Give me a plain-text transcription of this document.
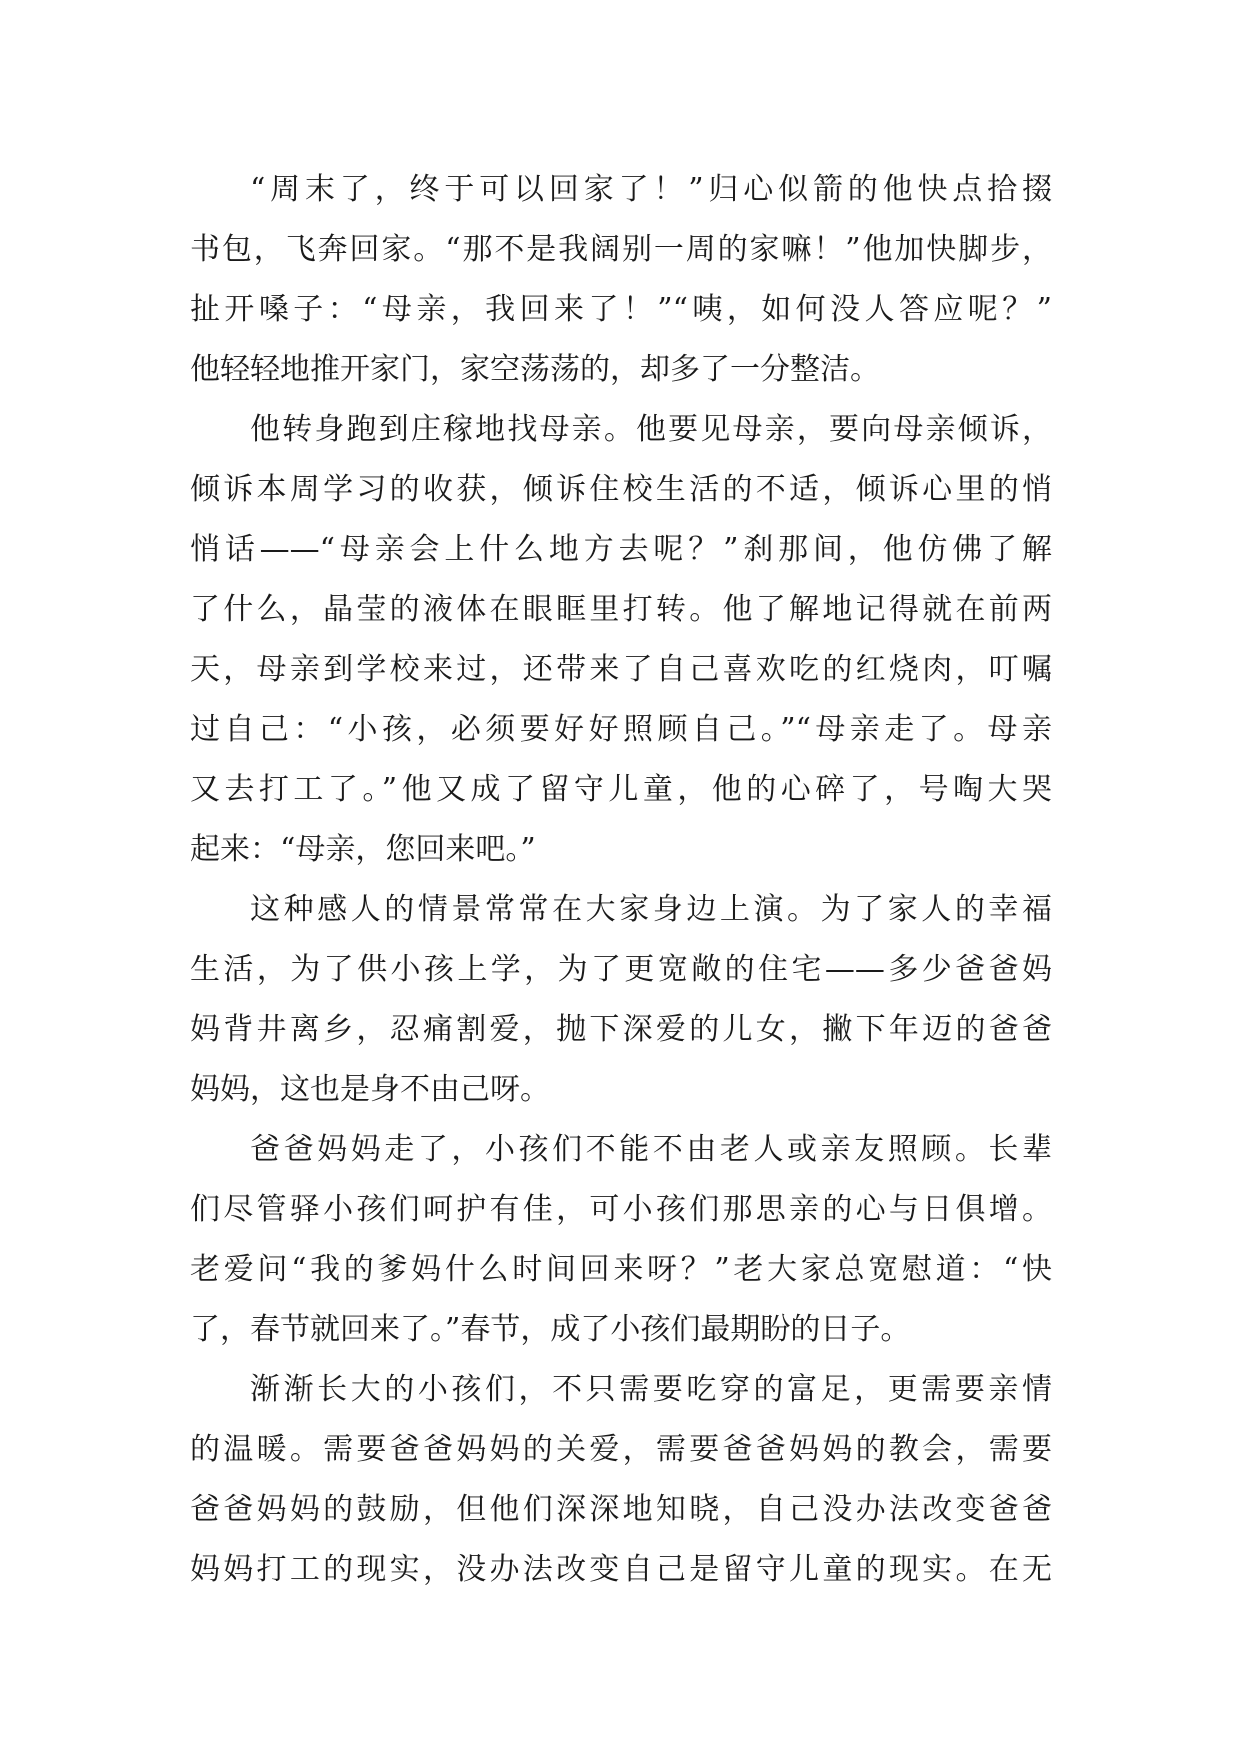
“周末了，终于可以回家了！”归心似箭的他快点拾掇
书包，飞奔回家。“那不是我阔别一周的家嘛！”他加快脚步，
扯开嗓子：“母亲，我回来了！”“咦，如何没人答应呢？”
他轻轻地推开家门，家空荡荡的，却多了一分整洁。
他转身跑到庄稼地找母亲。他要见母亲，要向母亲倾诉，
倾诉本周学习的收获，倾诉住校生活的不适，倾诉心里的悄
悄话——“母亲会上什么地方去呢？”刹那间，他仿佛了解
了什么，晶莹的液体在眼眶里打转。他了解地记得就在前两
天，母亲到学校来过，还带来了自己喜欢吃的红烧肉，叮嘱
过自己：“小孩，必须要好好照顾自己。”“母亲走了。母亲
又去打工了。”他又成了留守儿童，他的心碎了，号啕大哭
起来：“母亲，您回来吧。”
这种感人的情景常常在大家身边上演。为了家人的幸福
生活，为了供小孩上学，为了更宽敞的住宅——多少爸爸妈
妈背井离乡，忍痛割爱，抛下深爱的儿女，撇下年迈的爸爸
妈妈，这也是身不由己呀。
爸爸妈妈走了，小孩们不能不由老人或亲友照顾。长辈
们尽管驿小孩们呵护有佳，可小孩们那思亲的心与日俱增。
老爱问“我的爹妈什么时间回来呀？”老大家总宽慰道：“快
了，春节就回来了。”春节，成了小孩们最期盼的日子。
渐渐长大的小孩们，不只需要吃穿的富足，更需要亲情
的温暖。需要爸爸妈妈的关爱，需要爸爸妈妈的教会，需要
爸爸妈妈的鼓励，但他们深深地知晓，自己没办法改变爸爸
妈妈打工的现实，没办法改变自己是留守儿童的现实。在无
